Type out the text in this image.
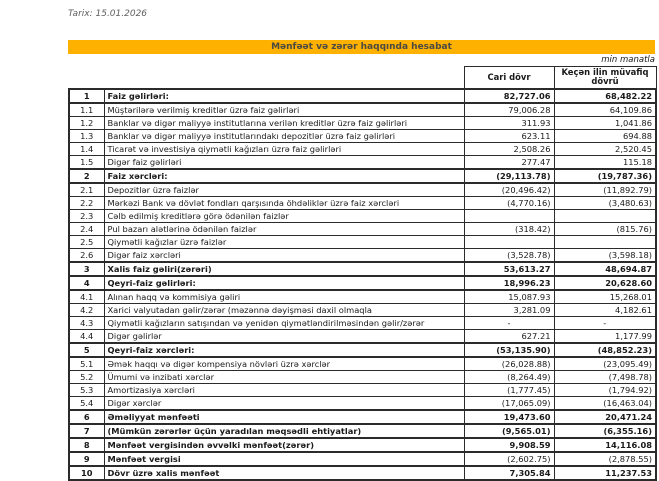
Tarix: 15.01.2026
Mənfəət və zərər haqqında hesabat
min manatla
		Cari dövr	Keçən ilin müvafiq dövrü
1	Faiz gəlirləri:	82,727.06	68,482.22
1.1	Müştərilərə verilmiş kreditlər üzrə faiz gəlirləri	79,006.28	64,109.86
1.2	Banklar və digər maliyyə institutlarına verilən kreditlər üzrə faiz gəlirləri	311.93	1,041.86
1.3	Banklar və digər maliyyə institutlarındakı depozitlər üzrə faiz gəlirləri	623.11	694.88
1.4	Ticarət və investisiya qiymətli kağızları üzrə faiz gəlirləri	2,508.26	2,520.45
1.5	Digər faiz gəlirləri	277.47	115.18
2	Faiz xərcləri:	(29,113.78)	(19,787.36)
2.1	Depozitlər üzrə faizlər	(20,496.42)	(11,892.79)
2.2	Mərkəzi Bank və dövlət fondları qarşısında öhdəliklər üzrə faiz xərcləri	(4,770.16)	(3,480.63)
2.3	Cəlb edilmiş kreditlərə görə ödənilən faizlər		
2.4	Pul bazarı alətlərinə ödənilən faizlər	(318.42)	(815.76)
2.5	Qiymətli kağızlar üzrə faizlər		
2.6	Digər faiz xərcləri	(3,528.78)	(3,598.18)
3	Xalis faiz gəliri(zərəri)	53,613.27	48,694.87
4	Qeyri-faiz gəlirləri:	18,996.23	20,628.60
4.1	Alınan haqq və kommisiya gəliri	15,087.93	15,268.01
4.2	Xarici valyutadan gəlir/zərər (məzənnə dəyişməsi daxil olmaqla	3,281.09	4,182.61
4.3	Qiymətli kağızların satışından və yenidən qiymətləndirilməsindən gəlir/zərər	-	-
4.4	Digər gəlirlər	627.21	1,177.99
5	Qeyri-faiz xərcləri:	(53,135.90)	(48,852.23)
5.1	Əmək haqqı və digər kompensiya növləri üzrə xərclər	(26,028.88)	(23,095.49)
5.2	Ümumi və inzibati xərclər	(8,264.49)	(7,498.78)
5.3	Amortizasiya xərcləri	(1,777.45)	(1,794.92)
5.4	Digər xərclər	(17,065.09)	(16,463.04)
6	Əməliyyat mənfəəti	19,473.60	20,471.24
7	(Mümkün zərərlər üçün yaradılan məqsədli ehtiyatlar)	(9,565.01)	(6,355.16)
8	Mənfəət vergisindən əvvəlki mənfəət(zərər)	9,908.59	14,116.08
9	Mənfəət vergisi	(2,602.75)	(2,878.55)
10	Dövr üzrə xalis mənfəət	7,305.84	11,237.53
